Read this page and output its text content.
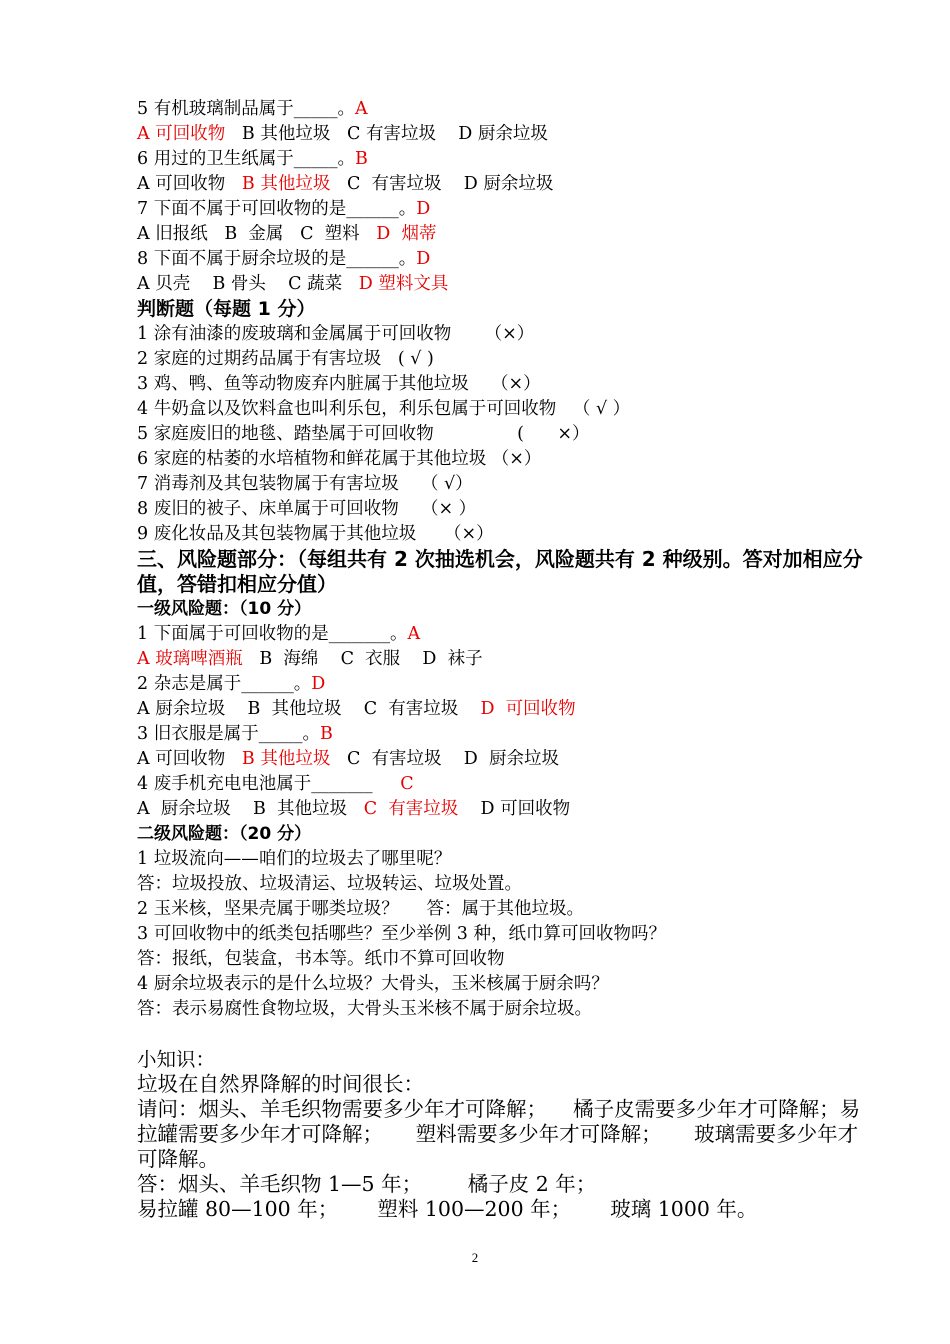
5 有机玻璃制品属于_____。A
A 可回收物   B 其他垃圾   C 有害垃圾    D 厨余垃圾
6 用过的卫生纸属于_____。B
A 可回收物   B 其他垃圾   C  有害垃圾    D 厨余垃圾
7 下面不属于可回收物的是______。D
A 旧报纸   B  金属   C  塑料   D  烟蒂
8 下面不属于厨余垃圾的是______。D
A 贝壳    B 骨头    C 蔬菜   D 塑料文具
判断题（每题 1 分）
1 涂有油漆的废玻璃和金属属于可回收物      （×）
2 家庭的过期药品属于有害垃圾   ( √ )
3 鸡、鸭、鱼等动物废弃内脏属于其他垃圾    （×）
4 牛奶盒以及饮料盒也叫利乐包，利乐包属于可回收物   （ √ ）
5 家庭废旧的地毯、踏垫属于可回收物               (      ×）
6 家庭的枯萎的水培植物和鲜花属于其他垃圾 （×）
7 消毒剂及其包装物属于有害垃圾    （ √）
8 废旧的被子、床单属于可回收物    （× ）
9 废化妆品及其包装物属于其他垃圾     （×）
三、风险题部分：（每组共有 2 次抽选机会，风险题共有 2 种级别。答对加相应分值，答错扣相应分值）
一级风险题：（10 分）
1 下面属于可回收物的是_______。A
A 玻璃啤酒瓶   B  海绵    C  衣服    D  袜子
2 杂志是属于______。D
A 厨余垃圾    B  其他垃圾    C  有害垃圾    D  可回收物
3 旧衣服是属于_____。B
A 可回收物   B 其他垃圾   C  有害垃圾    D  厨余垃圾
4 废手机充电电池属于_______     C
A  厨余垃圾    B  其他垃圾   C  有害垃圾    D 可回收物
二级风险题：（20 分）
1 垃圾流向——咱们的垃圾去了哪里呢？
答：垃圾投放、垃圾清运、垃圾转运、垃圾处置。
2 玉米核，坚果壳属于哪类垃圾？     答：属于其他垃圾。
3 可回收物中的纸类包括哪些？至少举例 3 种，纸巾算可回收物吗？
答：报纸，包装盒，书本等。纸巾不算可回收物
4 厨余垃圾表示的是什么垃圾？大骨头，玉米核属于厨余吗？
答：表示易腐性食物垃圾，大骨头玉米核不属于厨余垃圾。
小知识：
垃圾在自然界降解的时间很长：
请问：烟头、羊毛织物需要多少年才可降解；    橘子皮需要多少年才可降解；易拉罐需要多少年才可降解；     塑料需要多少年才可降解；     玻璃需要多少年才可降解。
答：烟头、羊毛织物 1—5 年；       橘子皮 2 年；
易拉罐 80—100 年；      塑料 100—200 年；      玻璃 1000 年。
2
